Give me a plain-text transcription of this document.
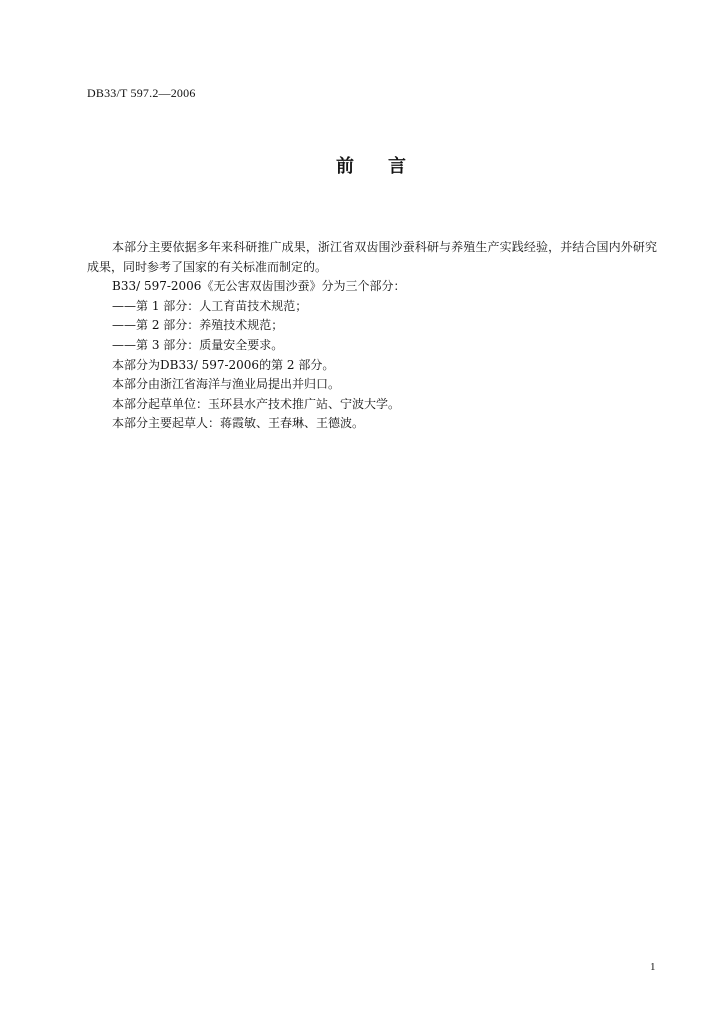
DB33/T 597.2—2006
前 言

本部分主要依据多年来科研推广成果，浙江省双齿围沙蚕科研与养殖生产实践经验，并结合国内外研究成果，同时参考了国家的有关标准而制定的。

B33/ 597-2006《无公害双齿围沙蚕》分为三个部分：

——第 1 部分：人工育苗技术规范；

——第 2 部分：养殖技术规范；

——第 3 部分：质量安全要求。

本部分为DB33/ 597-2006的第 2 部分。

本部分由浙江省海洋与渔业局提出并归口。

本部分起草单位：玉环县水产技术推广站、宁波大学。

本部分主要起草人：蒋霞敏、王春琳、王德波。

1
